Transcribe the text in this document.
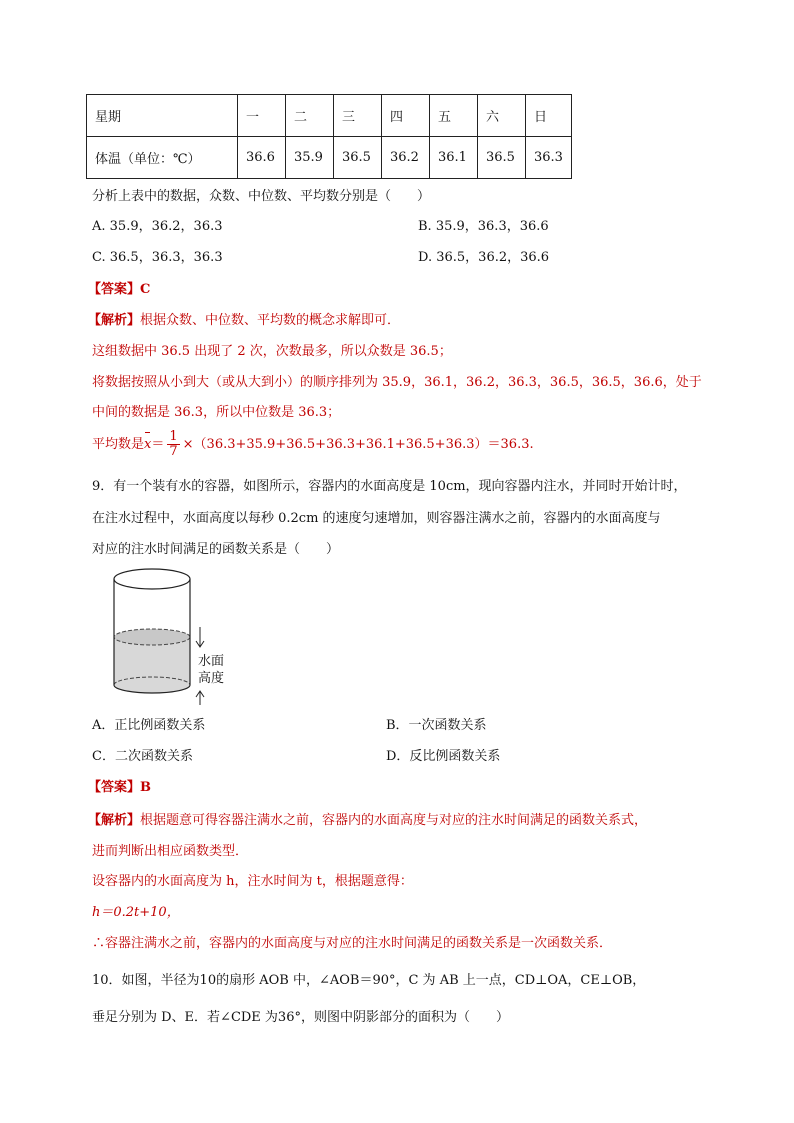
星期	一	二	三	四	五	六	日
体温（单位：℃）	36.6	35.9	36.5	36.2	36.1	36.5	36.3
分析上表中的数据，众数、中位数、平均数分别是（　　）
A. 35.9，36.2，36.3	B. 35.9，36.3，36.6
C. 36.5，36.3，36.3	D. 36.5，36.2，36.6
【答案】C
【解析】根据众数、中位数、平均数的概念求解即可．
这组数据中 36.5 出现了 2 次，次数最多，所以众数是 36.5；
将数据按照从小到大（或从大到小）的顺序排列为 35.9，36.1，36.2，36.3，36.5，36.5，36.6，处于
中间的数据是 36.3，所以中位数是 36.3；
平均数是$x= \frac{1}{7} \times(36.3+35.9+36.5+36.3+36.1+36.5+36.3)=36.3$.
9．有一个装有水的容器，如图所示，容器内的水面高度是 10cm，现向容器内注水，并同时开始计时，
在注水过程中，水面高度以每秒 0.2cm 的速度匀速增加，则容器注满水之前，容器内的水面高度与
对应的注水时间满足的函数关系是（　　）
水面
高度
A．正比例函数关系	B．一次函数关系
C．二次函数关系	D．反比例函数关系
【答案】B
【解析】根据题意可得容器注满水之前，容器内的水面高度与对应的注水时间满足的函数关系式，
进而判断出相应函数类型．
设容器内的水面高度为 h，注水时间为 t，根据题意得：
h＝0.2t+10，
∴容器注满水之前，容器内的水面高度与对应的注水时间满足的函数关系是一次函数关系．
10．如图，半径为10的扇形 AOB 中，∠AOB＝90°，C 为 AB 上一点，CD⊥OA，CE⊥OB，
垂足分别为 D、E．若∠CDE 为36°，则图中阴影部分的面积为（　　）
